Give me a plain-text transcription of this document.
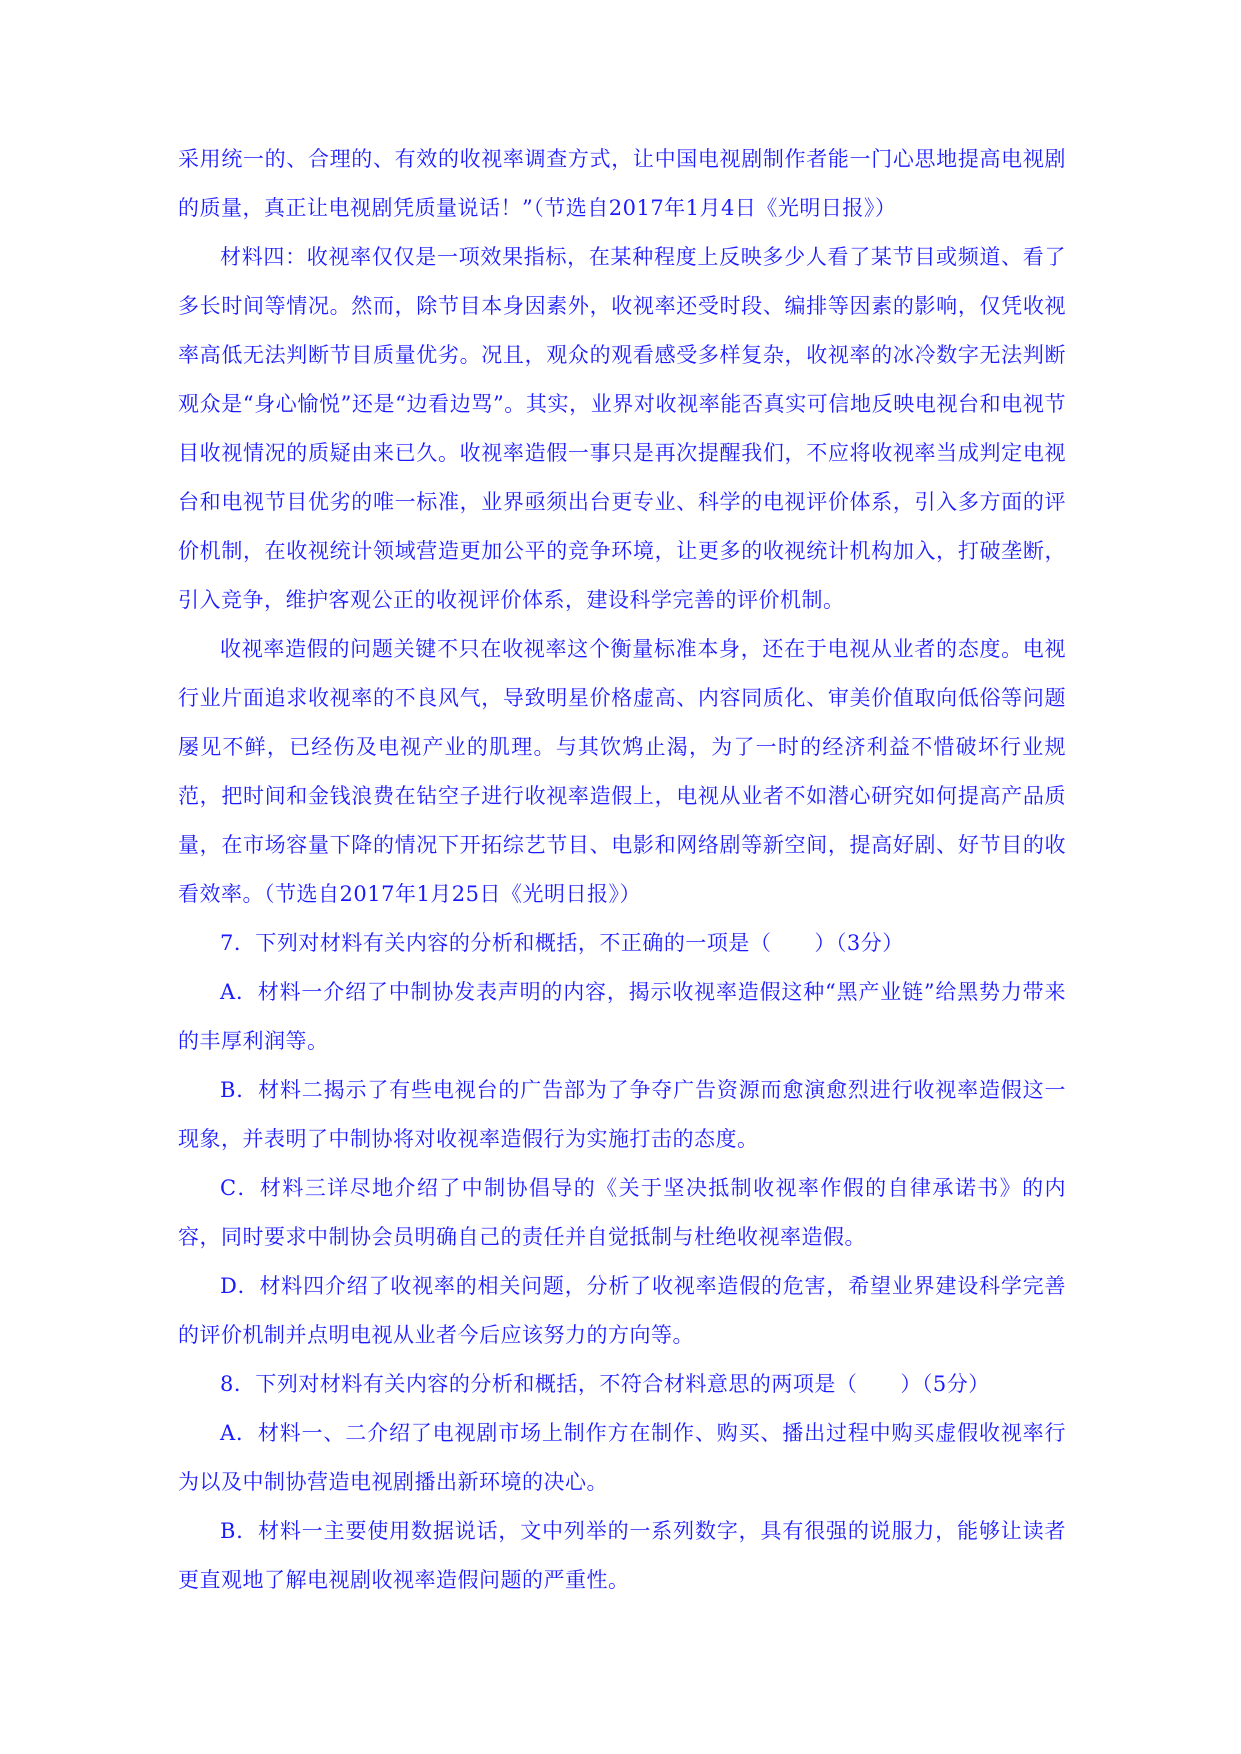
采用统一的、合理的、有效的收视率调查方式，让中国电视剧制作者能一门心思地提高电视剧的质量，真正让电视剧凭质量说话！”（节选自2017年1月4日《光明日报》）

材料四：收视率仅仅是一项效果指标，在某种程度上反映多少人看了某节目或频道、看了多长时间等情况。然而，除节目本身因素外，收视率还受时段、编排等因素的影响，仅凭收视率高低无法判断节目质量优劣。况且，观众的观看感受多样复杂，收视率的冰冷数字无法判断观众是“身心愉悦”还是“边看边骂”。其实，业界对收视率能否真实可信地反映电视台和电视节目收视情况的质疑由来已久。收视率造假一事只是再次提醒我们，不应将收视率当成判定电视台和电视节目优劣的唯一标准，业界亟须出台更专业、科学的电视评价体系，引入多方面的评价机制，在收视统计领域营造更加公平的竞争环境，让更多的收视统计机构加入，打破垄断，引入竞争，维护客观公正的收视评价体系，建设科学完善的评价机制。

收视率造假的问题关键不只在收视率这个衡量标准本身，还在于电视从业者的态度。电视行业片面追求收视率的不良风气，导致明星价格虚高、内容同质化、审美价值取向低俗等问题屡见不鲜，已经伤及电视产业的肌理。与其饮鸩止渴，为了一时的经济利益不惜破坏行业规范，把时间和金钱浪费在钻空子进行收视率造假上，电视从业者不如潜心研究如何提高产品质量，在市场容量下降的情况下开拓综艺节目、电影和网络剧等新空间，提高好剧、好节目的收看效率。（节选自2017年1月25日《光明日报》）

7．下列对材料有关内容的分析和概括，不正确的一项是（　　）（3分）

A．材料一介绍了中制协发表声明的内容，揭示收视率造假这种“黑产业链”给黑势力带来的丰厚利润等。

B．材料二揭示了有些电视台的广告部为了争夺广告资源而愈演愈烈进行收视率造假这一现象，并表明了中制协将对收视率造假行为实施打击的态度。

C．材料三详尽地介绍了中制协倡导的《关于坚决抵制收视率作假的自律承诺书》的内容，同时要求中制协会员明确自己的责任并自觉抵制与杜绝收视率造假。

D．材料四介绍了收视率的相关问题，分析了收视率造假的危害，希望业界建设科学完善的评价机制并点明电视从业者今后应该努力的方向等。

8．下列对材料有关内容的分析和概括，不符合材料意思的两项是（　　）（5分）

A．材料一、二介绍了电视剧市场上制作方在制作、购买、播出过程中购买虚假收视率行为以及中制协营造电视剧播出新环境的决心。

B．材料一主要使用数据说话，文中列举的一系列数字，具有很强的说服力，能够让读者更直观地了解电视剧收视率造假问题的严重性。
